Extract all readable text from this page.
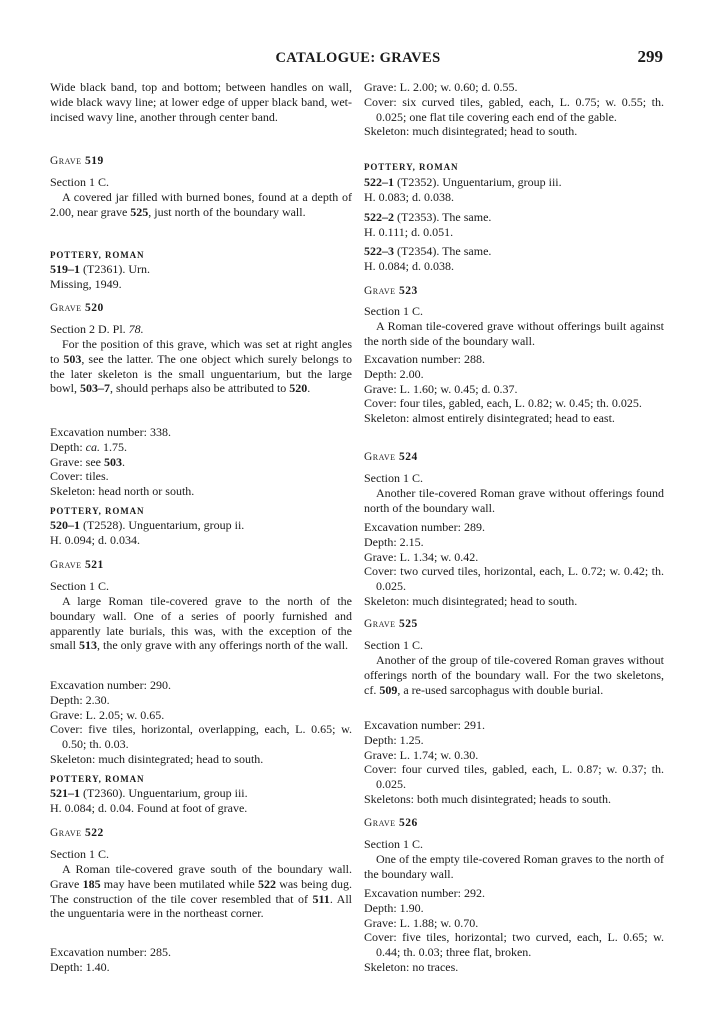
CATALOGUE: GRAVES	299

Wide black band, top and bottom; between handles on wall, wide black wavy line; at lower edge of upper black band, wet-incised wavy line, another through center band.

Grave 519

Section 1 C.

A covered jar filled with burned bones, found at a depth of 2.00, near grave 525, just north of the boundary wall.

POTTERY, ROMAN

519–1 (T2361). Urn.

Missing, 1949.

Grave 520

Section 2 D. Pl. 78.

For the position of this grave, which was set at right angles to 503, see the latter. The one object which surely belongs to the later skeleton is the small unguentarium, but the large bowl, 503–7, should perhaps also be attributed to 520.

Excavation number: 338.

Depth: ca. 1.75.

Grave: see 503.

Cover: tiles.

Skeleton: head north or south.

POTTERY, ROMAN

520–1 (T2528). Unguentarium, group ii.

H. 0.094; d. 0.034.

Grave 521

Section 1 C.

A large Roman tile-covered grave to the north of the boundary wall. One of a series of poorly furnished and apparently late burials, this was, with the exception of the small 513, the only grave with any offerings north of the wall.

Excavation number: 290.

Depth: 2.30.

Grave: L. 2.05; w. 0.65.

Cover: five tiles, horizontal, overlapping, each, L. 0.65; w. 0.50; th. 0.03.

Skeleton: much disintegrated; head to south.

POTTERY, ROMAN

521–1 (T2360). Unguentarium, group iii.

H. 0.084; d. 0.04. Found at foot of grave.

Grave 522

Section 1 C.

A Roman tile-covered grave south of the boundary wall. Grave 185 may have been mutilated while 522 was being dug. The construction of the tile cover resembled that of 511. All the unguentaria were in the northeast corner.

Excavation number: 285.

Depth: 1.40.

Grave: L. 2.00; w. 0.60; d. 0.55.

Cover: six curved tiles, gabled, each, L. 0.75; w. 0.55; th. 0.025; one flat tile covering each end of the gable.

Skeleton: much disintegrated; head to south.

POTTERY, ROMAN

522–1 (T2352). Unguentarium, group iii.

H. 0.083; d. 0.038.

522–2 (T2353). The same.

H. 0.111; d. 0.051.

522–3 (T2354). The same.

H. 0.084; d. 0.038.

Grave 523

Section 1 C.

A Roman tile-covered grave without offerings built against the north side of the boundary wall.

Excavation number: 288.

Depth: 2.00.

Grave: L. 1.60; w. 0.45; d. 0.37.

Cover: four tiles, gabled, each, L. 0.82; w. 0.45; th. 0.025.

Skeleton: almost entirely disintegrated; head to east.

Grave 524

Section 1 C.

Another tile-covered Roman grave without offerings found north of the boundary wall.

Excavation number: 289.

Depth: 2.15.

Grave: L. 1.34; w. 0.42.

Cover: two curved tiles, horizontal, each, L. 0.72; w. 0.42; th. 0.025.

Skeleton: much disintegrated; head to south.

Grave 525

Section 1 C.

Another of the group of tile-covered Roman graves without offerings north of the boundary wall. For the two skeletons, cf. 509, a re-used sarcophagus with double burial.

Excavation number: 291.

Depth: 1.25.

Grave: L. 1.74; w. 0.30.

Cover: four curved tiles, gabled, each, L. 0.87; w. 0.37; th. 0.025.

Skeletons: both much disintegrated; heads to south.

Grave 526

Section 1 C.

One of the empty tile-covered Roman graves to the north of the boundary wall.

Excavation number: 292.

Depth: 1.90.

Grave: L. 1.88; w. 0.70.

Cover: five tiles, horizontal; two curved, each, L. 0.65; w. 0.44; th. 0.03; three flat, broken.

Skeleton: no traces.
